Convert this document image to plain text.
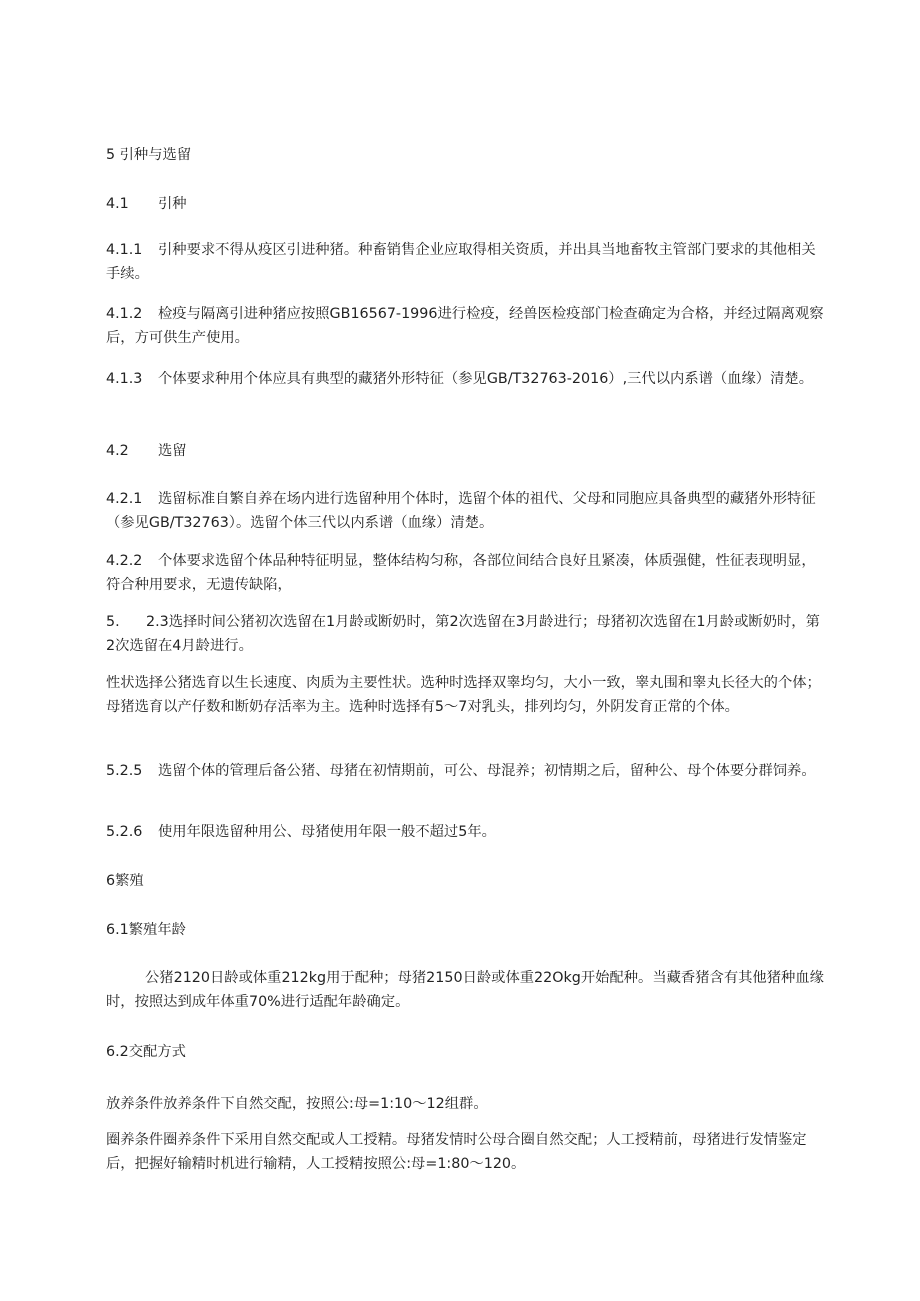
5 引种与选留

4.1 引种

4.1.1 引种要求不得从疫区引进种猪。种畜销售企业应取得相关资质，并出具当地畜牧主管部门要求的其他相关手续。

4.1.2 检疫与隔离引进种猪应按照GB16567-1996进行检疫，经兽医检疫部门检查确定为合格，并经过隔离观察后，方可供生产使用。

4.1.3 个体要求种用个体应具有典型的藏猪外形特征（参见GB/T32763-2016）,三代以内系谱（血缘）清楚。

4.2 选留

4.2.1 选留标准自繁自养在场内进行选留种用个体时，选留个体的祖代、父母和同胞应具备典型的藏猪外形特征（参见GB/T32763）。选留个体三代以内系谱（血缘）清楚。

4.2.2 个体要求选留个体品种特征明显，整体结构匀称，各部位间结合良好且紧凑，体质强健，性征表现明显，符合种用要求，无遗传缺陷，

5. 2.3选择时间公猪初次选留在1月龄或断奶时，第2次选留在3月龄进行；母猪初次选留在1月龄或断奶时，第2次选留在4月龄进行。

性状选择公猪选育以生长速度、肉质为主要性状。选种时选择双睾均匀，大小一致，睾丸围和睾丸长径大的个体；母猪选育以产仔数和断奶存活率为主。选种时选择有5〜7对乳头，排列均匀，外阴发育正常的个体。

5.2.5 选留个体的管理后备公猪、母猪在初情期前，可公、母混养；初情期之后，留种公、母个体要分群饲养。

5.2.6 使用年限选留种用公、母猪使用年限一般不超过5年。

6繁殖

6.1繁殖年龄

公猪2120日龄或体重212kg用于配种；母猪2150日龄或体重22Okg开始配种。当藏香猪含有其他猪种血缘时，按照达到成年体重70%进行适配年龄确定。

6.2交配方式

放养条件放养条件下自然交配，按照公:母=1:10〜12组群。

圈养条件圈养条件下采用自然交配或人工授精。母猪发情时公母合圈自然交配；人工授精前，母猪进行发情鉴定后，把握好输精时机进行输精，人工授精按照公:母=1:80〜120。
